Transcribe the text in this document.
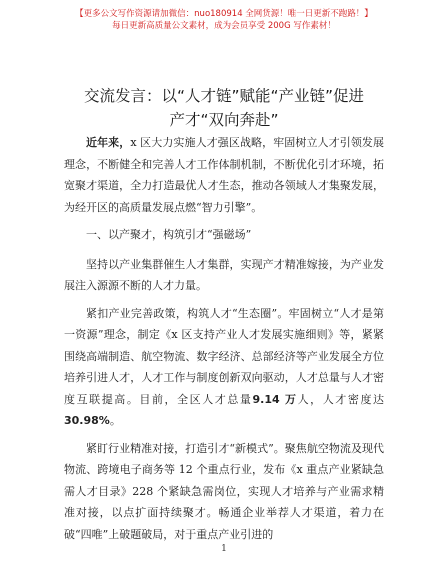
【更多公文写作资源请加微信：nuo180914 全网货源！唯一日更新不跑路！】
每日更新高质量公文素材，成为会员享受 200G 写作素材！
交流发言：以“人才链”赋能“产业链”促进
产才“双向奔赴”

近年来，x 区大力实施人才强区战略，牢固树立人才引领发展理念，不断健全和完善人才工作体制机制，不断优化引才环境，拓宽聚才渠道，全力打造最优人才生态，推动各领域人才集聚发展，为经开区的高质量发展点燃“智力引擎”。

一、以产聚才，构筑引才“强磁场”

坚持以产业集群催生人才集群，实现产才精准嫁接，为产业发展注入源源不断的人才力量。

紧扣产业完善政策，构筑人才“生态圈”。牢固树立“人才是第一资源”理念，制定《x 区支持产业人才发展实施细则》等，紧紧围绕高端制造、航空物流、数字经济、总部经济等产业发展全方位培养引进人才，人才工作与制度创新双向驱动，人才总量与人才密度互联提高。目前，全区人才总量9.14 万人，人才密度达30.98%。

紧盯行业精准对接，打造引才“新模式”。聚焦航空物流及现代物流、跨境电子商务等 12 个重点行业，发布《x 重点产业紧缺急需人才目录》228 个紧缺急需岗位，实现人才培养与产业需求精准对接，以点扩面持续聚才。畅通企业举荐人才渠道，着力在破“四唯”上破题破局，对于重点产业引进的

1
